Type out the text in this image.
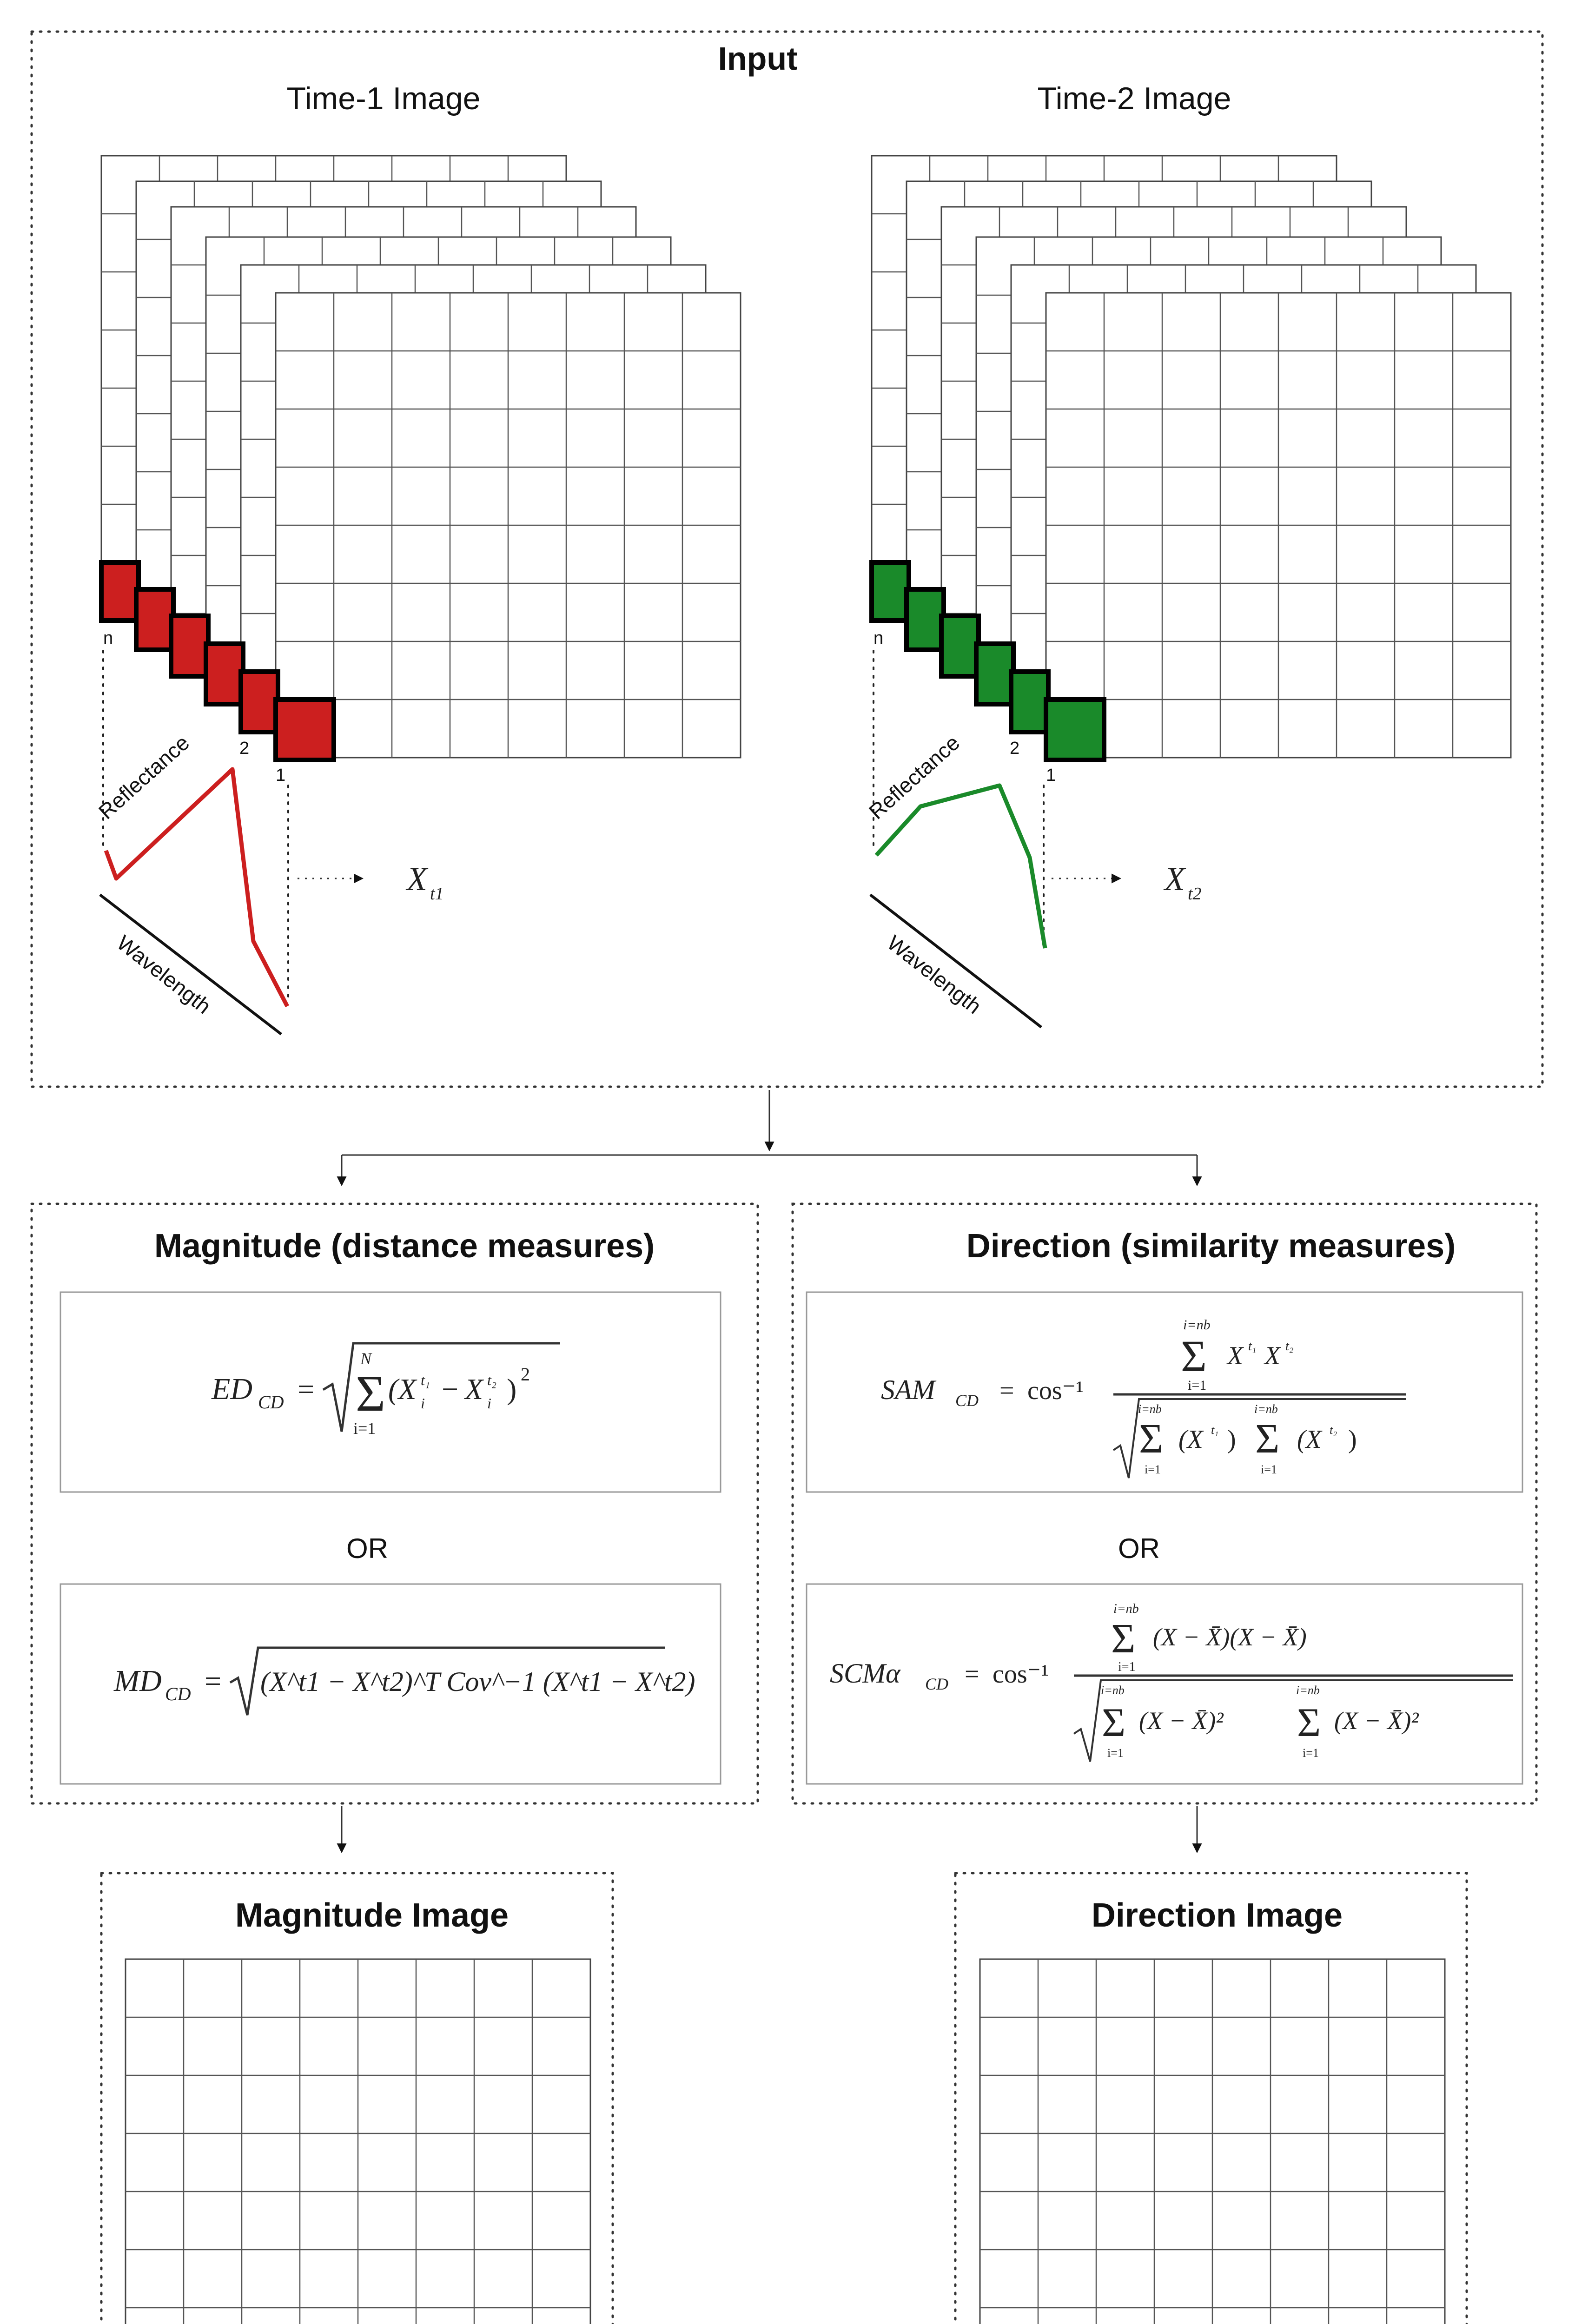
Input
Time-1 Image
n
2
1
Reflectance
Wavelength
X t1
Time-2 Image
n
2
1
Reflectance
Wavelength
X t2
Magnitude (distance measures)
ED CD = Σ
N
i=1
(X t₁
i − X t₂
i ) 2
OR
MD CD = (X^t1 − X^t2)^T Cov^−1 (X^t1 − X^t2)
Direction (similarity measures)
SAM CD = cos⁻¹
Σ
i=nb
i=1
X t₁ X t₂
Σ
i=nb
i=1
(X t₁ ) Σ
i=nb
i=1
(X t₂ )
OR
SCMα CD = cos⁻¹
Σ
i=nb
i=1
(X − X̄)(X − X̄)
Σ
i=nb
i=1
(X − X̄)² Σ
i=nb
i=1
(X − X̄)²
Magnitude Image	Direction Image
